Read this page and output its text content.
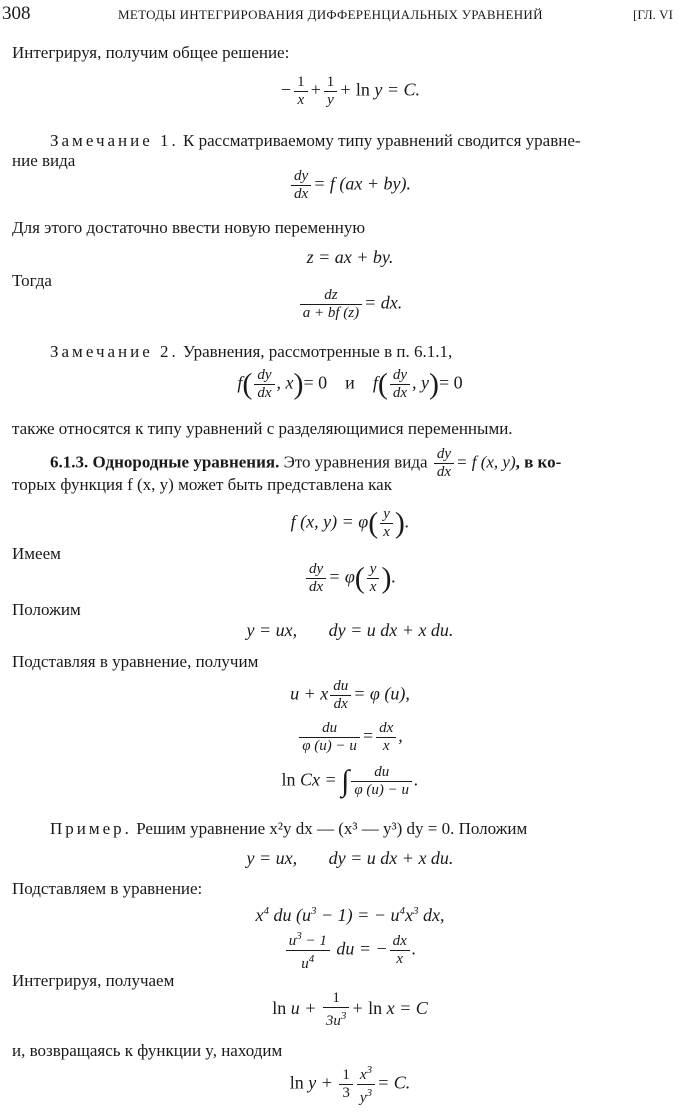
308	МЕТОДЫ ИНТЕГРИРОВАНИЯ ДИФФЕРЕНЦИАЛЬНЫХ УРАВНЕНИЙ	[ГЛ. VI
Интегрируя, получим общее решение:
− $\frac{1}{x} + \frac{1}{y} + \ln y = C$.
Замечание 1. К рассматриваемому типу уравнений сводится уравне-
ние вида
$\frac{dy}{dx} = f$ (ax + by).
Для этого достаточно ввести новую переменную
z = ax + by.
Тогда
$\frac{dz}{a + bf (z)}$ = dx.
Замечание 2. Уравнения, рассмотренные в п. 6.1.1,
$f( \frac{dy}{dx}$ , x)= 0 и    $f( \frac{dy}{dx}$ , y)= 0
также относятся к типу уравнений с разделяющимися переменными.
6.1.3. Однородные уравнения. Это уравнения вида $\frac{dy}{dx} = f$ (x, y), в ко-
торых функция f (x, y) может быть представлена как
f (x, $y) = \varphi( \frac{y}{x}$ ).
Имеем
$\frac{dy}{dx} = \varphi( \frac{y}{x}$ ).
Положим
y = ux,       dy = u dx + x du.
Подставляя в уравнение, получим
u + x $\frac{du}{dx} = \varphi$ (u),
$\frac{du}{\varphi (u) - u} = \frac{dx}{x}$ ,
ln Cx = ∫ $\frac{du}{\varphi (u) - u}$ .
Пример. Решим уравнение x²y dx — (x³ — y³) dy = 0. Положим
y = ux,       dy = u dx + x du.
Подставляем в уравнение:
$x^4$ du $(u^3 - 1)$ = − $u^4x^3$ dx,
$\frac{u^3 - 1}{u^4}$ du = − $\frac{dx}{x}$ .
Интегрируя, получаем
$\ln u + \frac{1}{3u^3} + \ln x = C$
и, возвращаясь к функции y, находим
$\ln y + \frac{1}{3} \frac{x^3}{y^3} = C$.
